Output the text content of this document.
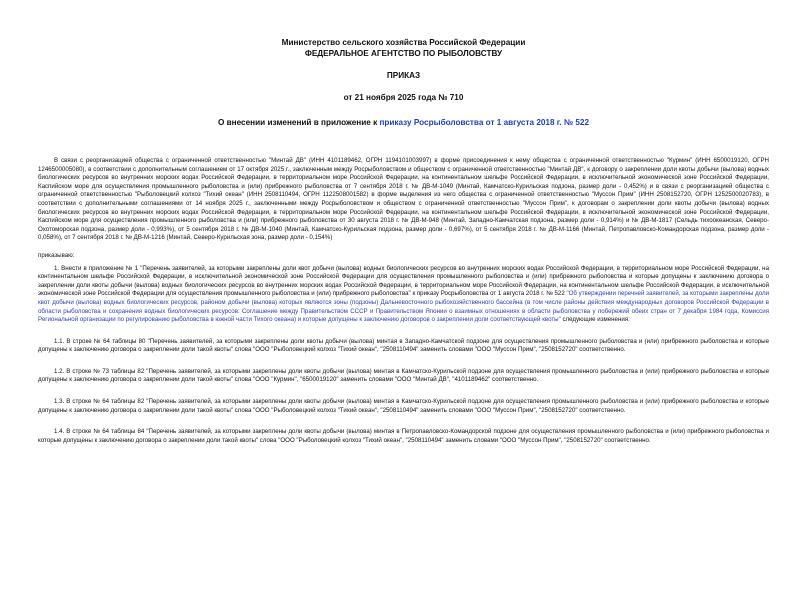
Министерство сельского хозяйства Российской Федерации
ФЕДЕРАЛЬНОЕ АГЕНТСТВО ПО РЫБОЛОВСТВУ
ПРИКАЗ
от 21 ноября 2025 года № 710
О внесении изменений в приложение к приказу Росрыболовства от 1 августа 2018 г. № 522

В связи с реорганизацией общества с ограниченной ответственностью "Минтай ДВ" (ИНН 4101189462, ОГРН 1194101003997) в форме присоединения к нему общества с ограниченной ответственностью "Курмин" (ИНН 6500019120, ОГРН 1246500005080), в соответствии с дополнительным соглашением от 17 октября 2025 г., заключенным между Росрыболовством и обществом с ограниченной ответственностью "Минтай ДВ", к договору о закреплении доли квоты добычи (вылова) водных биологических ресурсов во внутренних морских водах Российской Федерации, в территориальном море Российской Федерации, на континентальном шельфе Российской Федерации, в исключительной экономической зоне Российской Федерации, Каспийском море для осуществления промышленного рыболовства и (или) прибрежного рыболовства от 7 сентября 2018 г. № ДВ-М-1049 (Минтай, Камчатско-Курильская подзона, размер доли - 0,452%) и в связи с реорганизацией общества с ограниченной ответственностью "Рыболовецкий колхоз "Тихий океан" (ИНН 2508110494, ОГРН 1122508001582) в форме выделения из него общества с ограниченной ответственностью "Муссон Прим" (ИНН 2508152720, ОГРН 1252500020783), в соответствии с дополнительными соглашениями от 14 ноября 2025 г., заключенными между Росрыболовством и обществом с ограниченной ответственностью "Муссон Прим", к договорам о закреплении доли квоты добычи (вылова) водных биологических ресурсов во внутренних морских водах Российской Федерации, в территориальном море Российской Федерации, на континентальном шельфе Российской Федерации, в исключительной экономической зоне Российской Федерации, Каспийском море для осуществления промышленного рыболовства и (или) прибрежного рыболовства от 30 августа 2018 г. № ДВ-М-948 (Минтай, Западно-Камчатская подзона, размер доли - 0,914%) и № ДВ-М-1817 (Сельдь тихоокеанская, Северо-Охотоморская подзона, размер доли - 0,993%), от 5 сентября 2018 г. № ДВ-М-1040 (Минтай, Камчатско-Курильская подзона, размер доли - 0,697%), от 5 сентября 2018 г. № ДВ-М-1166 (Минтай, Петропавловско-Командорская подзона, размер доли - 0,058%), от 7 сентября 2018 г. № ДВ-М-1216 (Минтай, Северо-Курильская зона, размер доли - 0,154%)

приказываю:

1. Внести в приложение № 1 "Перечень заявителей, за которыми закреплены доли квот добычи (вылова) водных биологических ресурсов во внутренних морских водах Российской Федерации, в территориальном море Российской Федерации, на континентальном шельфе Российской Федерации, в исключительной экономической зоне Российской Федерации для осуществления промышленного рыболовства и (или) прибрежного рыболовства и которые допущены к заключению договора о закреплении доли квоты добычи (вылова) водных биологических ресурсов во внутренних морских водах Российской Федерации, в территориальном море Российской Федерации, на континентальном шельфе Российской Федерации, в исключительной экономической зоне Российской Федерации для осуществления промышленного рыболовства и (или) прибрежного рыболовства" к приказу Росрыболовства от 1 августа 2018 г. № 522 "Об утверждении перечней заявителей, за которыми закреплены доли квот добычи (вылова) водных биологических ресурсов, районом добычи (вылова) которых являются зоны (подзоны) Дальневосточного рыбохозяйственного бассейна (в том числе районы действия международных договоров Российской Федерации в области рыболовства и сохранения водных биологических ресурсов: Соглашение между Правительством СССР и Правительством Японии о взаимных отношениях в области рыболовства у побережий обеих стран от 7 декабря 1984 года, Комиссия Региональной организации по регулированию рыболовства в южной части Тихого океана) и которые допущены к заключению договоров о закреплении доли соответствующей квоты" следующие изменения:

1.1. В строке № 64 таблицы 80 "Перечень заявителей, за которыми закреплены доли квоты добычи (вылова) минтая в Западно-Камчатской подзоне для осуществления промышленного рыболовства и (или) прибрежного рыболовства и которые допущены к заключению договора о закреплении доли такой квоты" слова "ООО "Рыболовецкий колхоз "Тихий океан", "2508110494" заменить словами "ООО "Муссон Прим", "2508152720" соответственно.

1.2. В строке № 73 таблицы 82 "Перечень заявителей, за которыми закреплены доли квоты добычи (вылова) минтая в Камчатско-Курильской подзоне для осуществления промышленного рыболовства и (или) прибрежного рыболовства и которые допущены к заключению договора о закреплении доли такой квоты" слова "ООО "Курмин", "6500019120" заменить словами "ООО "Минтай ДВ", "4101189462" соответственно.

1.3. В строке № 64 таблицы 82 "Перечень заявителей, за которыми закреплены доли квоты добычи (вылова) минтая в Камчатско-Курильской подзоне для осуществления промышленного рыболовства и (или) прибрежного рыболовства и которые допущены к заключению договора о закреплении доли такой квоты" слова "ООО "Рыболовецкий колхоз "Тихий океан", "2508110494" заменить словами "ООО "Муссон Прим", "2508152720" соответственно.

1.4. В строке № 64 таблицы 84 "Перечень заявителей, за которыми закреплены доли квоты добычи (вылова) минтая в Петропавловско-Командорской подзоне для осуществления промышленного рыболовства и (или) прибрежного рыболовства и которые допущены к заключению договора о закреплении доли такой квоты" слова "ООО "Рыболовецкий колхоз "Тихий океан", "2508110494" заменить словами "ООО "Муссон Прим", "2508152720" соответственно.
